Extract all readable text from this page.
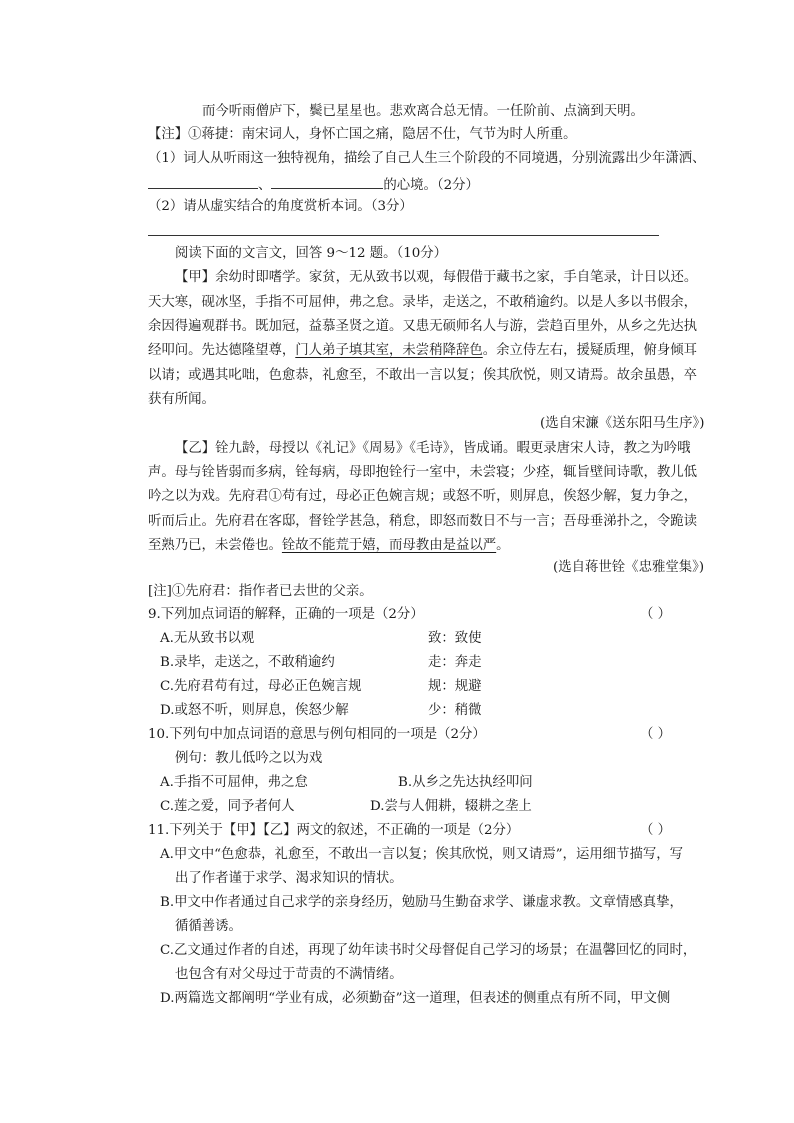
而今听雨僧庐下，鬓已星星也。悲欢离合总无情。一任阶前、点滴到天明。
【注】①蒋捷：南宋词人，身怀亡国之痛，隐居不仕，气节为时人所重。
（1）词人从听雨这一独特视角，描绘了自己人生三个阶段的不同境遇，分别流露出少年潇洒、
、	的心境。（2分）
（2）请从虚实结合的角度赏析本词。（3分）
阅读下面的文言文，回答 9～12 题。（10分）
【甲】余幼时即嗜学。家贫，无从致书以观，每假借于藏书之家，手自笔录，计日以还。
天大寒，砚冰坚，手指不可屈伸，弗之怠。录毕，走送之，不敢稍逾约。以是人多以书假余，
余因得遍观群书。既加冠，益慕圣贤之道。又患无硕师名人与游，尝趋百里外，从乡之先达执
经叩问。先达德隆望尊，门人弟子填其室，未尝稍降辞色。余立侍左右，援疑质理，俯身倾耳
以请；或遇其叱咄，色愈恭，礼愈至，不敢出一言以复；俟其欣悦，则又请焉。故余虽愚，卒
获有所闻。
(选自宋濂《送东阳马生序》)
【乙】铨九龄，母授以《礼记》《周易》《毛诗》，皆成诵。暇更录唐宋人诗，教之为吟哦
声。母与铨皆弱而多病，铨每病，母即抱铨行一室中，未尝寝；少痊，辄旨壁间诗歌，教儿低
吟之以为戏。先府君①苟有过，母必正色婉言规；或怒不听，则屏息，俟怒少解，复力争之，
听而后止。先府君在客邸，督铨学甚急，稍怠，即怒而数日不与一言；吾母垂涕扑之，令跪读
至熟乃已，未尝倦也。铨故不能荒于嬉，而母教由是益以严。
(选自蒋世铨《忠雅堂集》)
[注]①先府君：指作者已去世的父亲。
9.下列加点词语的解释，正确的一项是（2分）	（ ）
A.无从致书以观	致：致使
B.录毕，走送之，不敢稍逾约	走：奔走
C.先府君苟有过，母必正色婉言规	规：规避
D.或怒不听，则屏息，俟怒少解	少：稍微
10.下列句中加点词语的意思与例句相同的一项是（2分）	（ ）
例句：教儿低吟之以为戏
A.手指不可屈伸，弗之怠	B.从乡之先达执经叩问
C.莲之爱，同予者何人	D.尝与人佣耕，辍耕之垄上
11.下列关于【甲】【乙】两文的叙述，不正确的一项是（2分）	（ ）
A.甲文中“色愈恭，礼愈至，不敢出一言以复；俟其欣悦，则又请焉”，运用细节描写，写
出了作者谨于求学、渴求知识的情状。
B.甲文中作者通过自己求学的亲身经历，勉励马生勤奋求学、谦虚求教。文章情感真挚，
循循善诱。
C.乙文通过作者的自述，再现了幼年读书时父母督促自己学习的场景；在温馨回忆的同时，
也包含有对父母过于苛责的不满情绪。
D.两篇选文都阐明“学业有成，必须勤奋”这一道理，但表述的侧重点有所不同，甲文侧
